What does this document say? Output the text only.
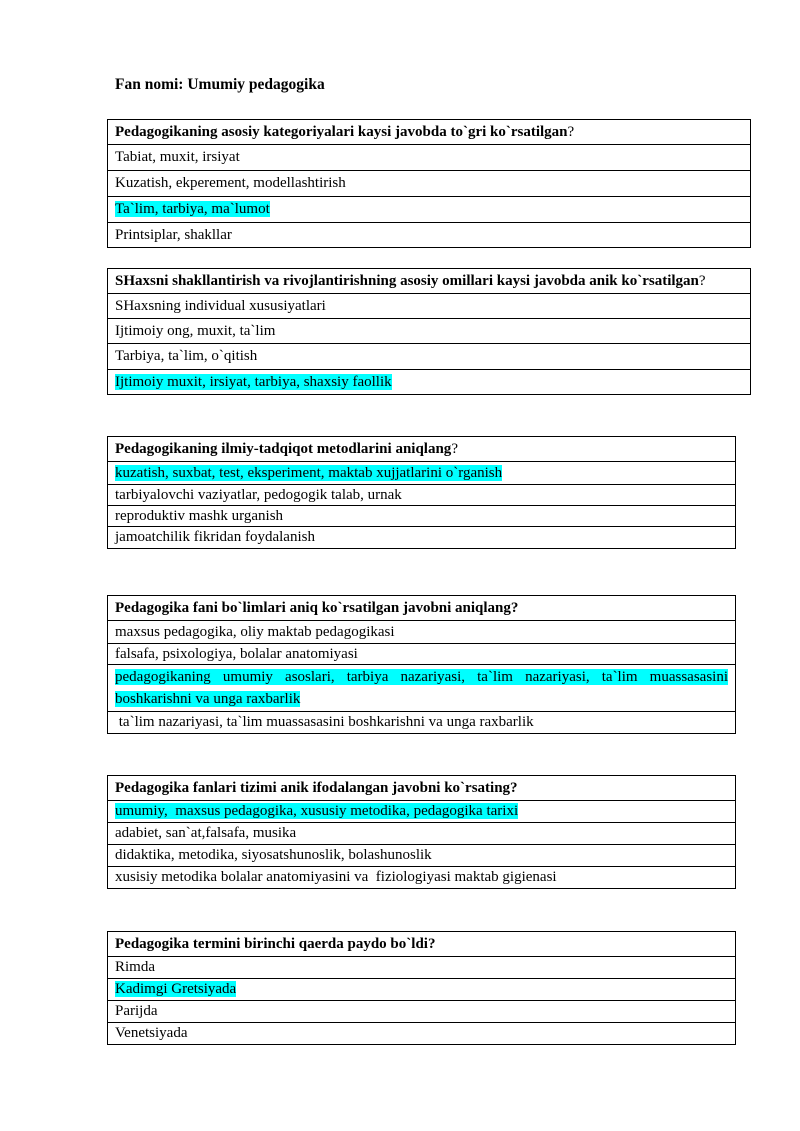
Fan nomi: Umumiy pedagogika
Pedagogikaning asosiy kategoriyalari kaysi javobda to`gri ko`rsatilgan?
Tabiat, muxit, irsiyat
Kuzatish, ekperement, modellashtirish
Ta`lim, tarbiya, ma`lumot
Printsiplar, shakllar
SHaxsni shakllantirish va rivojlantirishning asosiy omillari kaysi javobda anik ko`rsatilgan?
SHaxsning individual xususiyatlari
Ijtimoiy ong, muxit, ta`lim
Tarbiya, ta`lim, o`qitish
Ijtimoiy muxit, irsiyat, tarbiya, shaxsiy faollik
Pedagogikaning ilmiy-tadqiqot metodlarini aniqlang?
kuzatish, suxbat, test, eksperiment, maktab xujjatlarini o`rganish
tarbiyalovchi vaziyatlar, pedogogik talab, urnak
reproduktiv mashk urganish
jamoatchilik fikridan foydalanish
Pedagogika fani bo`limlari aniq ko`rsatilgan javobni aniqlang?
maxsus pedagogika, oliy maktab pedagogikasi
falsafa, psixologiya, bolalar anatomiyasi
pedagogikaning umumiy asoslari, tarbiya nazariyasi, ta`lim nazariyasi, ta`lim muassasasini boshkarishni va unga raxbarlik
ta`lim nazariyasi, ta`lim muassasasini boshkarishni va unga raxbarlik
Pedagogika fanlari tizimi anik ifodalangan javobni ko`rsating?
umumiy,  maxsus pedagogika, xususiy metodika, pedagogika tarixi
adabiet, san`at,falsafa, musika
didaktika, metodika, siyosatshunoslik, bolashunoslik
xusisiy metodika bolalar anatomiyasini va  fiziologiyasi maktab gigienasi
Pedagogika termini birinchi qaerda paydo bo`ldi?
Rimda
Kadimgi Gretsiyada
Parijda
Venetsiyada
